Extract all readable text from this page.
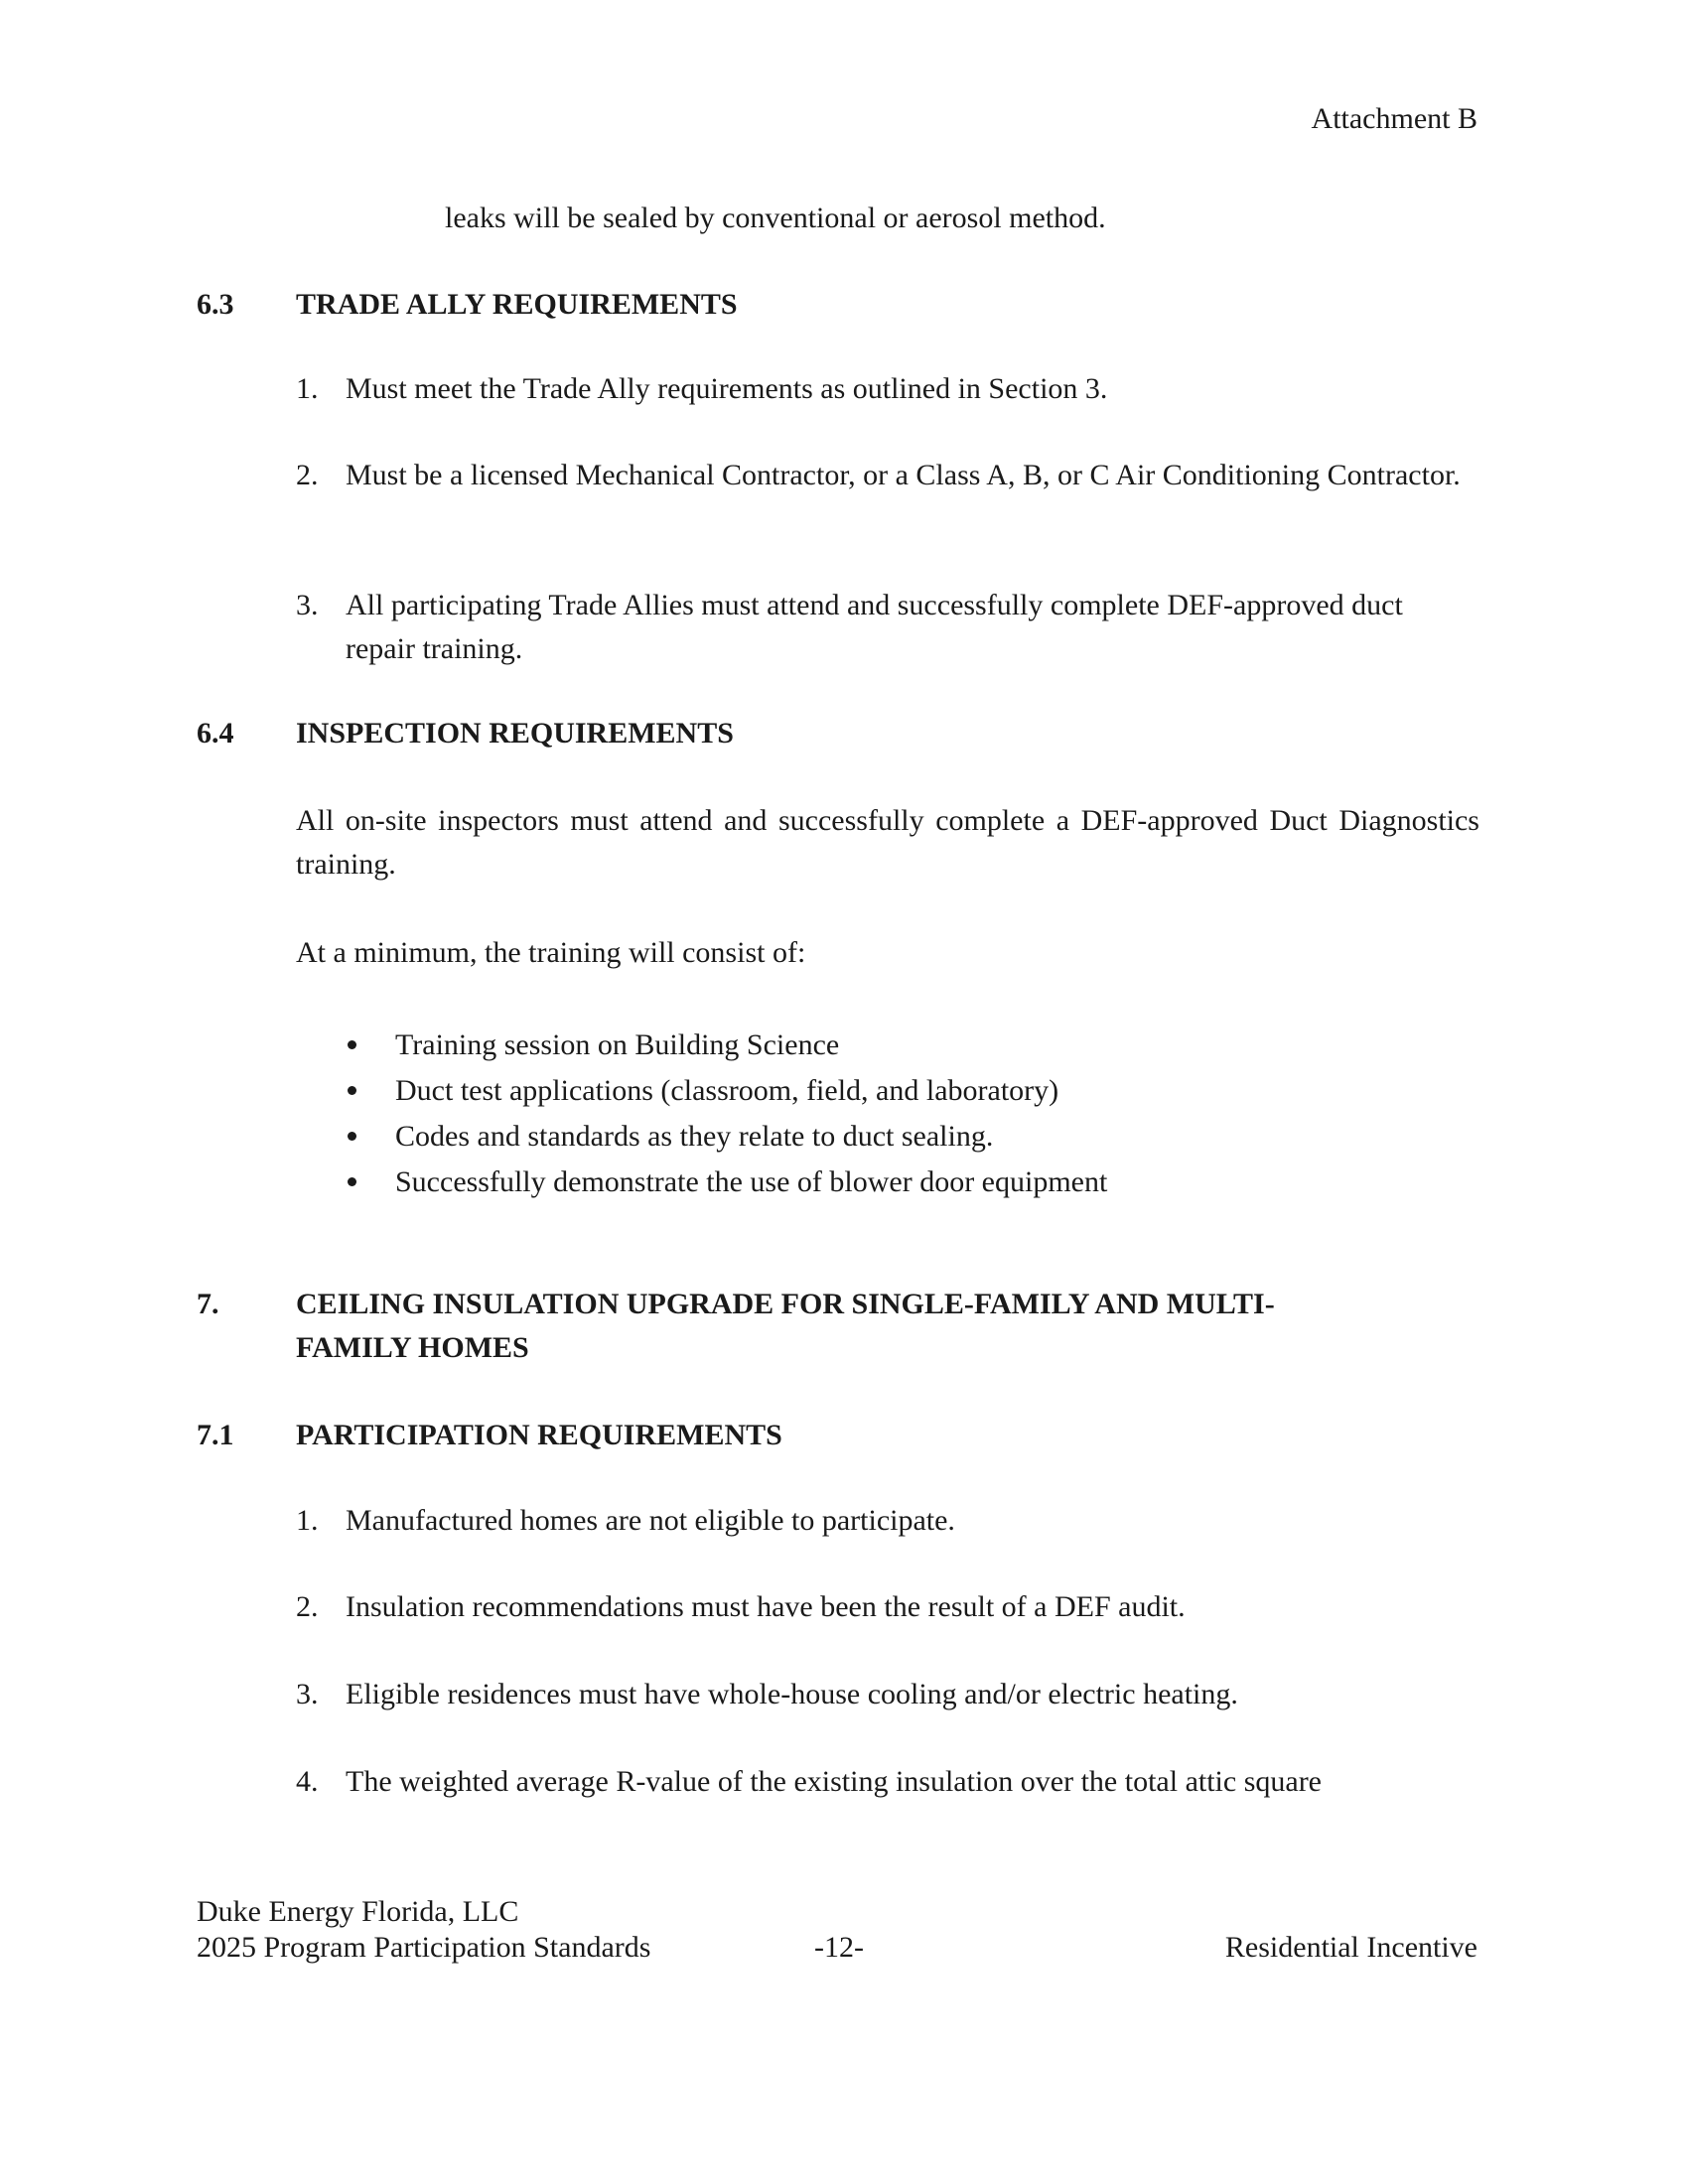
Attachment B
leaks will be sealed by conventional or aerosol method.
6.3 TRADE ALLY REQUIREMENTS
1. Must meet the Trade Ally requirements as outlined in Section 3.
2. Must be a licensed Mechanical Contractor, or a Class A, B, or C Air Conditioning Contractor.
3. All participating Trade Allies must attend and successfully complete DEF-approved duct repair training.
6.4 INSPECTION REQUIREMENTS
All on-site inspectors must attend and successfully complete a DEF-approved Duct Diagnostics training.
At a minimum, the training will consist of:
Training session on Building Science
Duct test applications (classroom, field, and laboratory)
Codes and standards as they relate to duct sealing.
Successfully demonstrate the use of blower door equipment
7.	CEILING INSULATION UPGRADE FOR SINGLE-FAMILY AND MULTI-
FAMILY HOMES
7.1 PARTICIPATION REQUIREMENTS
1. Manufactured homes are not eligible to participate.
2. Insulation recommendations must have been the result of a DEF audit.
3. Eligible residences must have whole-house cooling and/or electric heating.
4. The weighted average R-value of the existing insulation over the total attic square
Duke Energy Florida, LLC
2025 Program Participation Standards	-12-	Residential Incentive
